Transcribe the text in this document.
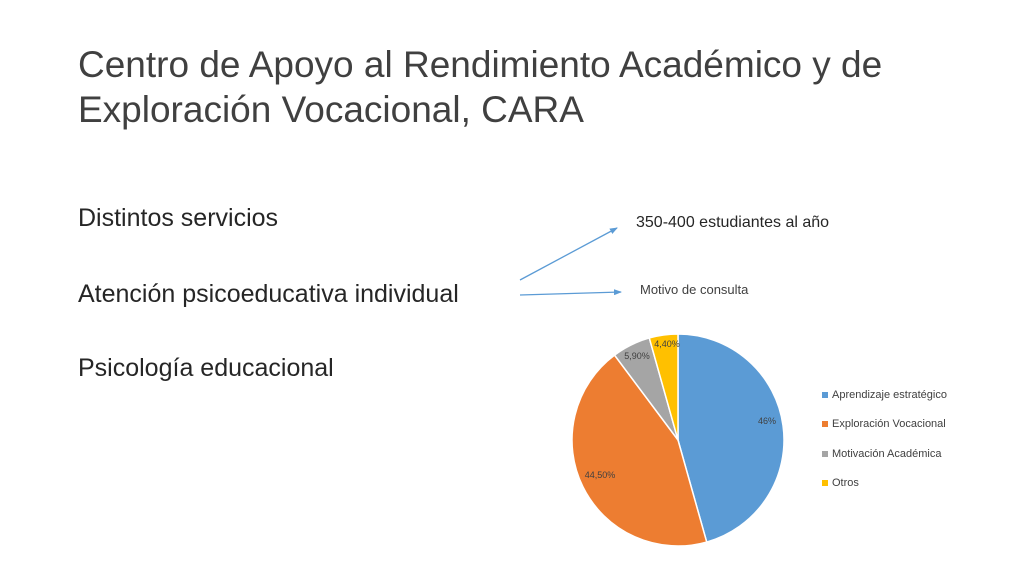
Centro de Apoyo al Rendimiento Académico y de Exploración Vocacional, CARA

Distintos servicios

Atención psicoeducativa individual

Psicología educacional

350-400 estudiantes al año
Motivo de consulta
46%
44,50%
5,90%
4,40%
Aprendizaje estratégico
Exploración Vocacional
Motivación Académica
Otros
